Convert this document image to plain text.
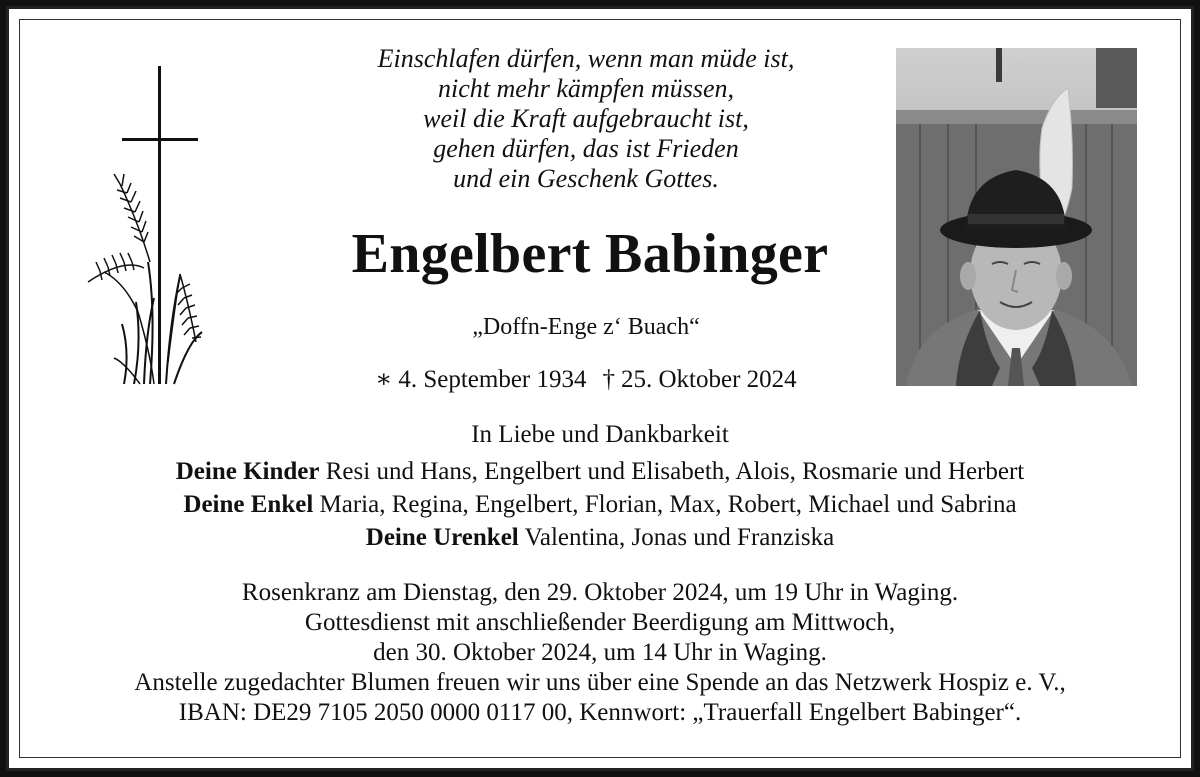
Einschlafen dürfen, wenn man müde ist,
nicht mehr kämpfen müssen,
weil die Kraft aufgebraucht ist,
gehen dürfen, das ist Frieden
und ein Geschenk Gottes.
Engelbert Babinger
„Doffn-Enge z‘ Buach“
∗ 4. September 1934 † 25. Oktober 2024
In Liebe und Dankbarkeit
Deine Kinder Resi und Hans, Engelbert und Elisabeth, Alois, Rosmarie und Herbert
Deine Enkel Maria, Regina, Engelbert, Florian, Max, Robert, Michael und Sabrina
Deine Urenkel Valentina, Jonas und Franziska
Rosenkranz am Dienstag, den 29. Oktober 2024, um 19 Uhr in Waging.
Gottesdienst mit anschließender Beerdigung am Mittwoch,
den 30. Oktober 2024, um 14 Uhr in Waging.
Anstelle zugedachter Blumen freuen wir uns über eine Spende an das Netzwerk Hospiz e. V.,
IBAN: DE29 7105 2050 0000 0117 00, Kennwort: „Trauerfall Engelbert Babinger“.
